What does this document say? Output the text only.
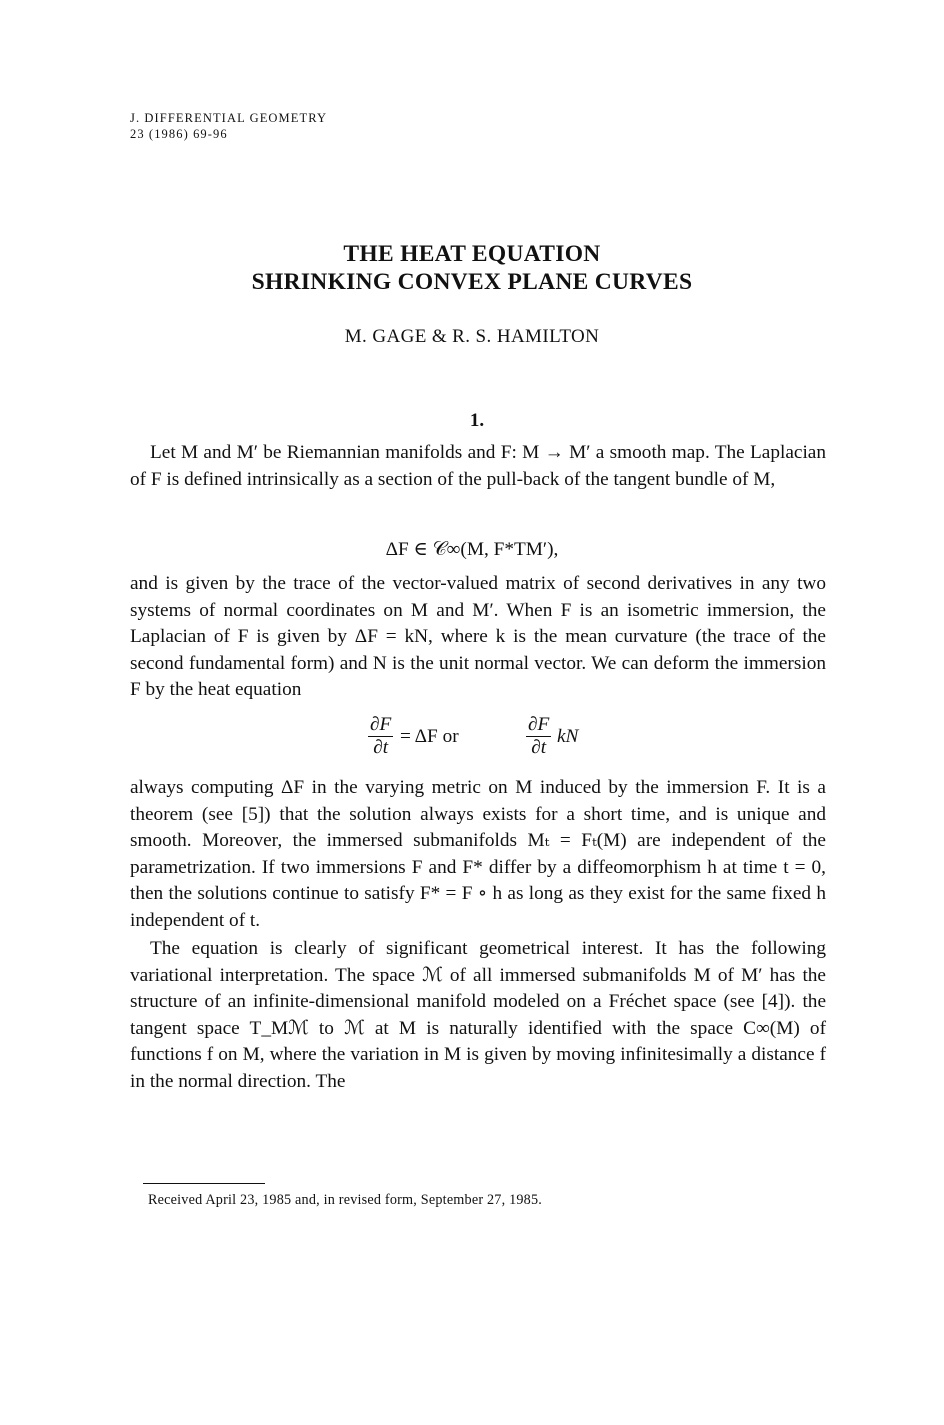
J. DIFFERENTIAL GEOMETRY
23 (1986) 69-96
THE HEAT EQUATION
SHRINKING CONVEX PLANE CURVES
M. GAGE & R. S. HAMILTON
1.

Let M and M′ be Riemannian manifolds and F: M → M′ a smooth map. The Laplacian of F is defined intrinsically as a section of the pull-back of the tangent bundle of M,

ΔF ∈ 𝒞∞(M, F*TM′),

and is given by the trace of the vector-valued matrix of second derivatives in any two systems of normal coordinates on M and M′. When F is an isometric immersion, the Laplacian of F is given by ΔF = kN, where k is the mean curvature (the trace of the second fundamental form) and N is the unit normal vector. We can deform the immersion F by the heat equation

$\frac{\partial F}{\partial t} = \Delta F$ or	$\frac{\partial F}{\partial t}$ kN

always computing ΔF in the varying metric on M induced by the immersion F. It is a theorem (see [5]) that the solution always exists for a short time, and is unique and smooth. Moreover, the immersed submanifolds Mₜ = Fₜ(M) are independent of the parametrization. If two immersions F and F* differ by a diffeomorphism h at time t = 0, then the solutions continue to satisfy F* = F ∘ h as long as they exist for the same fixed h independent of t.

The equation is clearly of significant geometrical interest. It has the following variational interpretation. The space ℳ of all immersed submanifolds M of M′ has the structure of an infinite-dimensional manifold modeled on a Fréchet space (see [4]). the tangent space T_Mℳ to ℳ at M is naturally identified with the space C∞(M) of functions f on M, where the variation in M is given by moving infinitesimally a distance f in the normal direction. The

Received April 23, 1985 and, in revised form, September 27, 1985.
